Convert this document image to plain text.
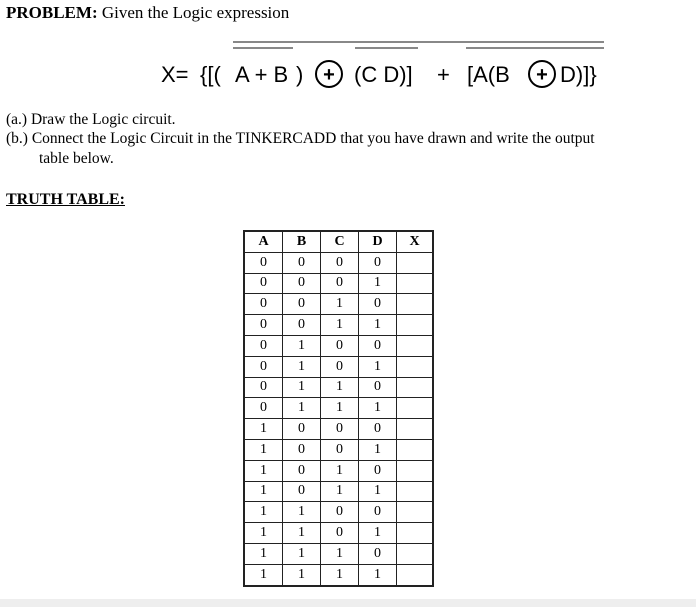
PROBLEM: Given the Logic expression
X= {[( A + B ) (C D)] + [A(B D)]}
+	+
(a.) Draw the Logic circuit.
(b.) Connect the Logic Circuit in the TINKERCADD that you have drawn and write the output
table below.
TRUTH TABLE:
A	B	C	D	X
0	0	0	0	
0	0	0	1	
0	0	1	0	
0	0	1	1	
0	1	0	0	
0	1	0	1	
0	1	1	0	
0	1	1	1	
1	0	0	0	
1	0	0	1	
1	0	1	0	
1	0	1	1	
1	1	0	0	
1	1	0	1	
1	1	1	0	
1	1	1	1	
